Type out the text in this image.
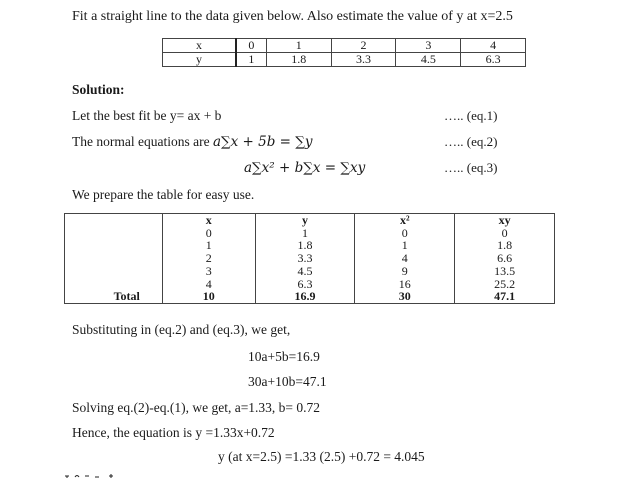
Fit a straight line to the data given below. Also estimate the value of y at x=2.5
x	0	1	2	3	4
y	1	1.8	3.3	4.5	6.3
Solution:
Let the best fit be y= ax + b	….. (eq.1)
The normal equations are a∑x + 5b = ∑y	….. (eq.2)
a∑x² + b∑x = ∑xy	….. (eq.3)
We prepare the table for easy use.
	x	y	x²	xy
	0	1	0	0
	1	1.8	1	1.8
	2	3.3	4	6.6
	3	4.5	9	13.5
	4	6.3	16	25.2
Total	10	16.9	30	47.1
Substituting in (eq.2) and (eq.3), we get,
10a+5b=16.9
30a+10b=47.1
Solving eq.(2)-eq.(1), we get, a=1.33, b= 0.72
Hence, the equation is y =1.33x+0.72
y (at x=2.5) =1.33 (2.5) +0.72 = 4.045
